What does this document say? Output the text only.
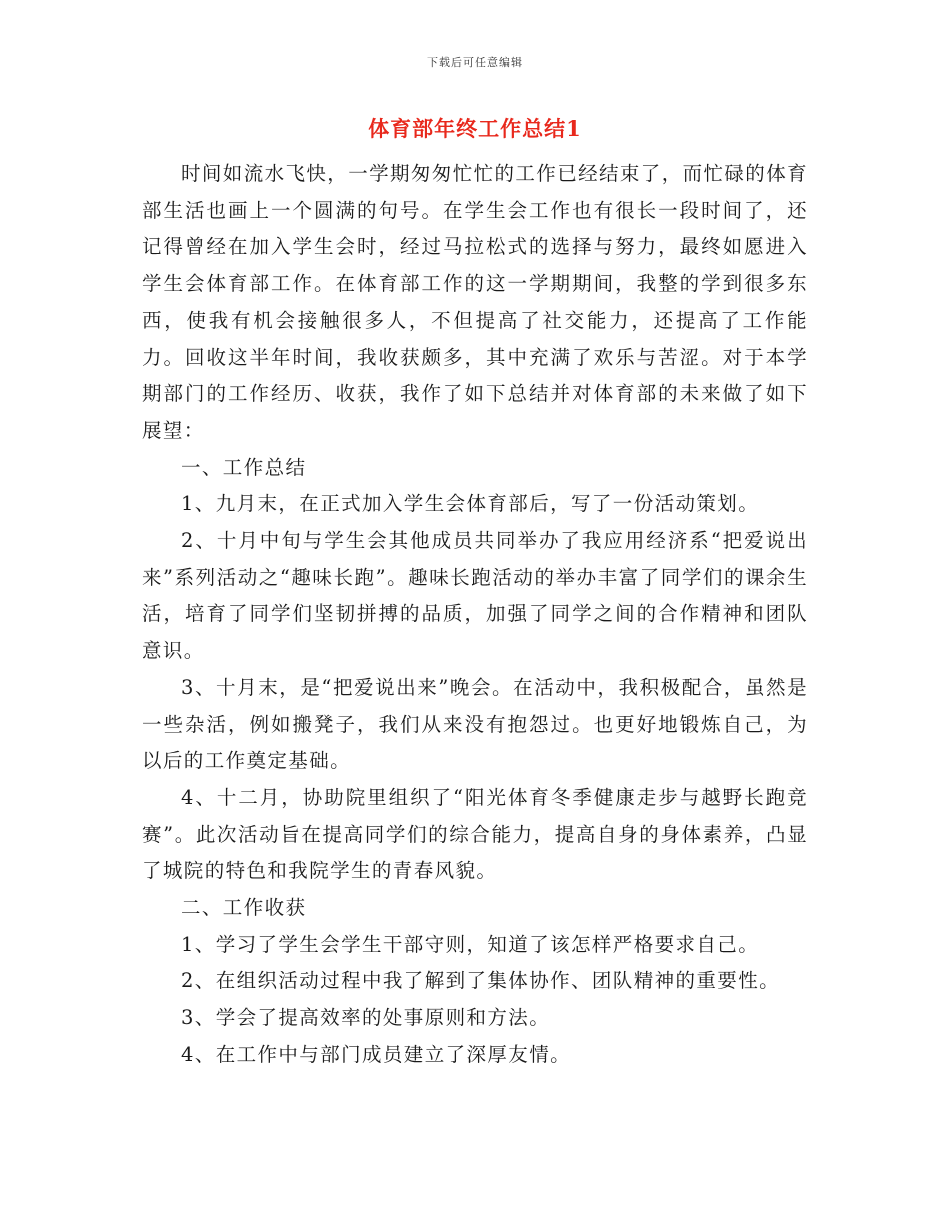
下载后可任意编辑
体育部年终工作总结1

时间如流水飞快，一学期匆匆忙忙的工作已经结束了，而忙碌的体育部生活也画上一个圆满的句号。在学生会工作也有很长一段时间了，还记得曾经在加入学生会时，经过马拉松式的选择与努力，最终如愿进入学生会体育部工作。在体育部工作的这一学期期间，我整的学到很多东西，使我有机会接触很多人，不但提高了社交能力，还提高了工作能力。回收这半年时间，我收获颇多，其中充满了欢乐与苦涩。对于本学期部门的工作经历、收获，我作了如下总结并对体育部的未来做了如下展望：

一、工作总结

1、九月末，在正式加入学生会体育部后，写了一份活动策划。

2、十月中旬与学生会其他成员共同举办了我应用经济系“把爱说出来”系列活动之“趣味长跑”。趣味长跑活动的举办丰富了同学们的课余生活，培育了同学们坚韧拼搏的品质，加强了同学之间的合作精神和团队意识。

3、十月末，是“把爱说出来”晚会。在活动中，我积极配合，虽然是一些杂活，例如搬凳子，我们从来没有抱怨过。也更好地锻炼自己，为以后的工作奠定基础。

4、十二月，协助院里组织了“阳光体育冬季健康走步与越野长跑竞赛”。此次活动旨在提高同学们的综合能力，提高自身的身体素养，凸显了城院的特色和我院学生的青春风貌。

二、工作收获

1、学习了学生会学生干部守则，知道了该怎样严格要求自己。

2、在组织活动过程中我了解到了集体协作、团队精神的重要性。

3、学会了提高效率的处事原则和方法。

4、在工作中与部门成员建立了深厚友情。
